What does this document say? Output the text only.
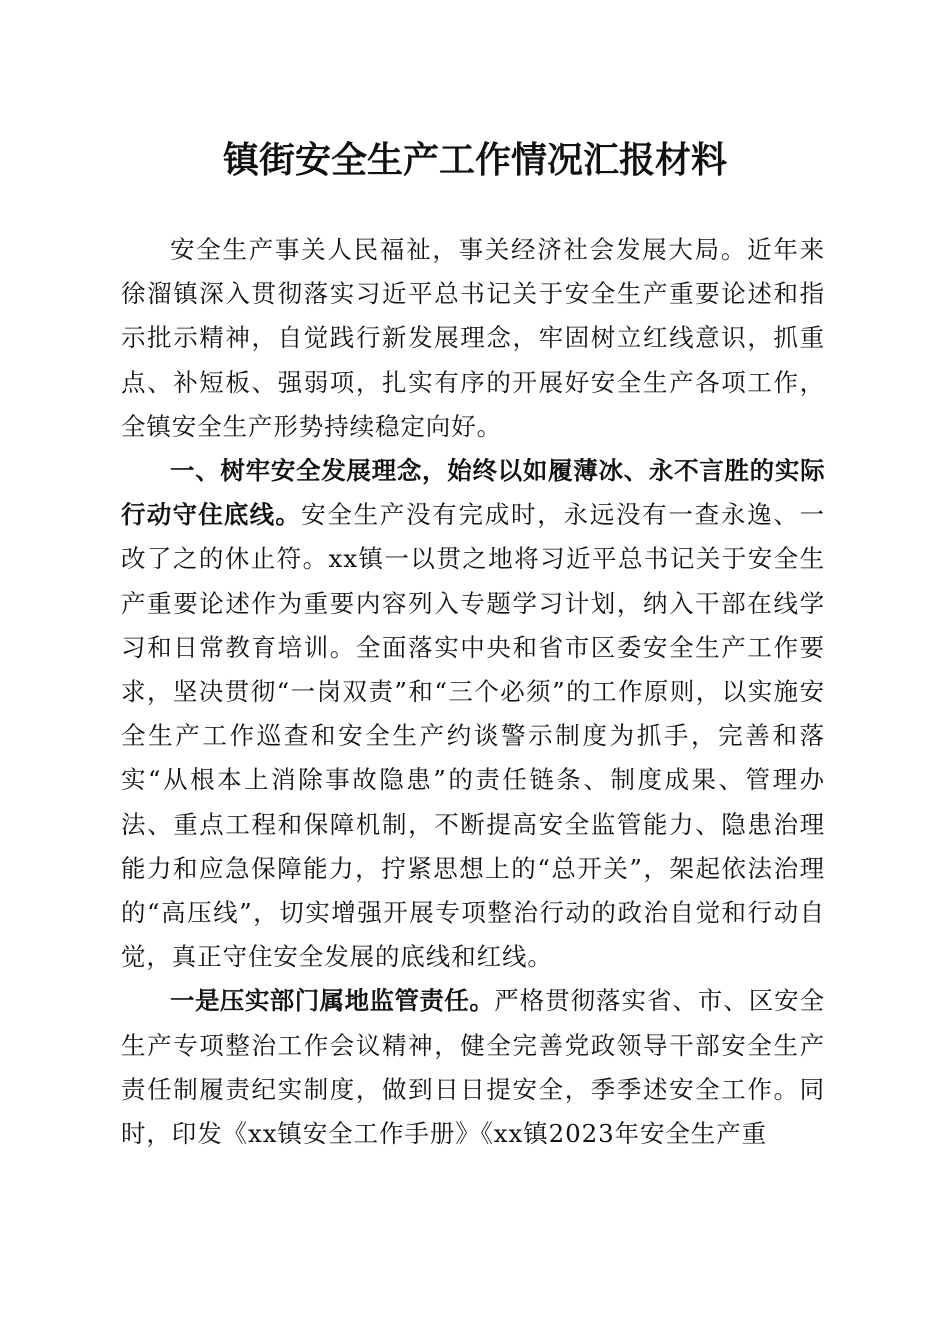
镇街安全生产工作情况汇报材料

安全生产事关人民福祉，事关经济社会发展大局。近年来徐溜镇深入贯彻落实习近平总书记关于安全生产重要论述和指示批示精神，自觉践行新发展理念，牢固树立红线意识，抓重点、补短板、强弱项，扎实有序的开展好安全生产各项工作，全镇安全生产形势持续稳定向好。

一、树牢安全发展理念，始终以如履薄冰、永不言胜的实际行动守住底线。安全生产没有完成时，永远没有一查永逸、一改了之的休止符。xx镇一以贯之地将习近平总书记关于安全生产重要论述作为重要内容列入专题学习计划，纳入干部在线学习和日常教育培训。全面落实中央和省市区委安全生产工作要求，坚决贯彻“一岗双责”和“三个必须”的工作原则，以实施安全生产工作巡查和安全生产约谈警示制度为抓手，完善和落实“从根本上消除事故隐患”的责任链条、制度成果、管理办法、重点工程和保障机制，不断提高安全监管能力、隐患治理能力和应急保障能力，拧紧思想上的“总开关”，架起依法治理的“高压线”，切实增强开展专项整治行动的政治自觉和行动自觉，真正守住安全发展的底线和红线。

一是压实部门属地监管责任。严格贯彻落实省、市、区安全生产专项整治工作会议精神，健全完善党政领导干部安全生产责任制履责纪实制度，做到日日提安全，季季述安全工作。同时，印发《xx镇安全工作手册》《xx镇2023年安全生产重
